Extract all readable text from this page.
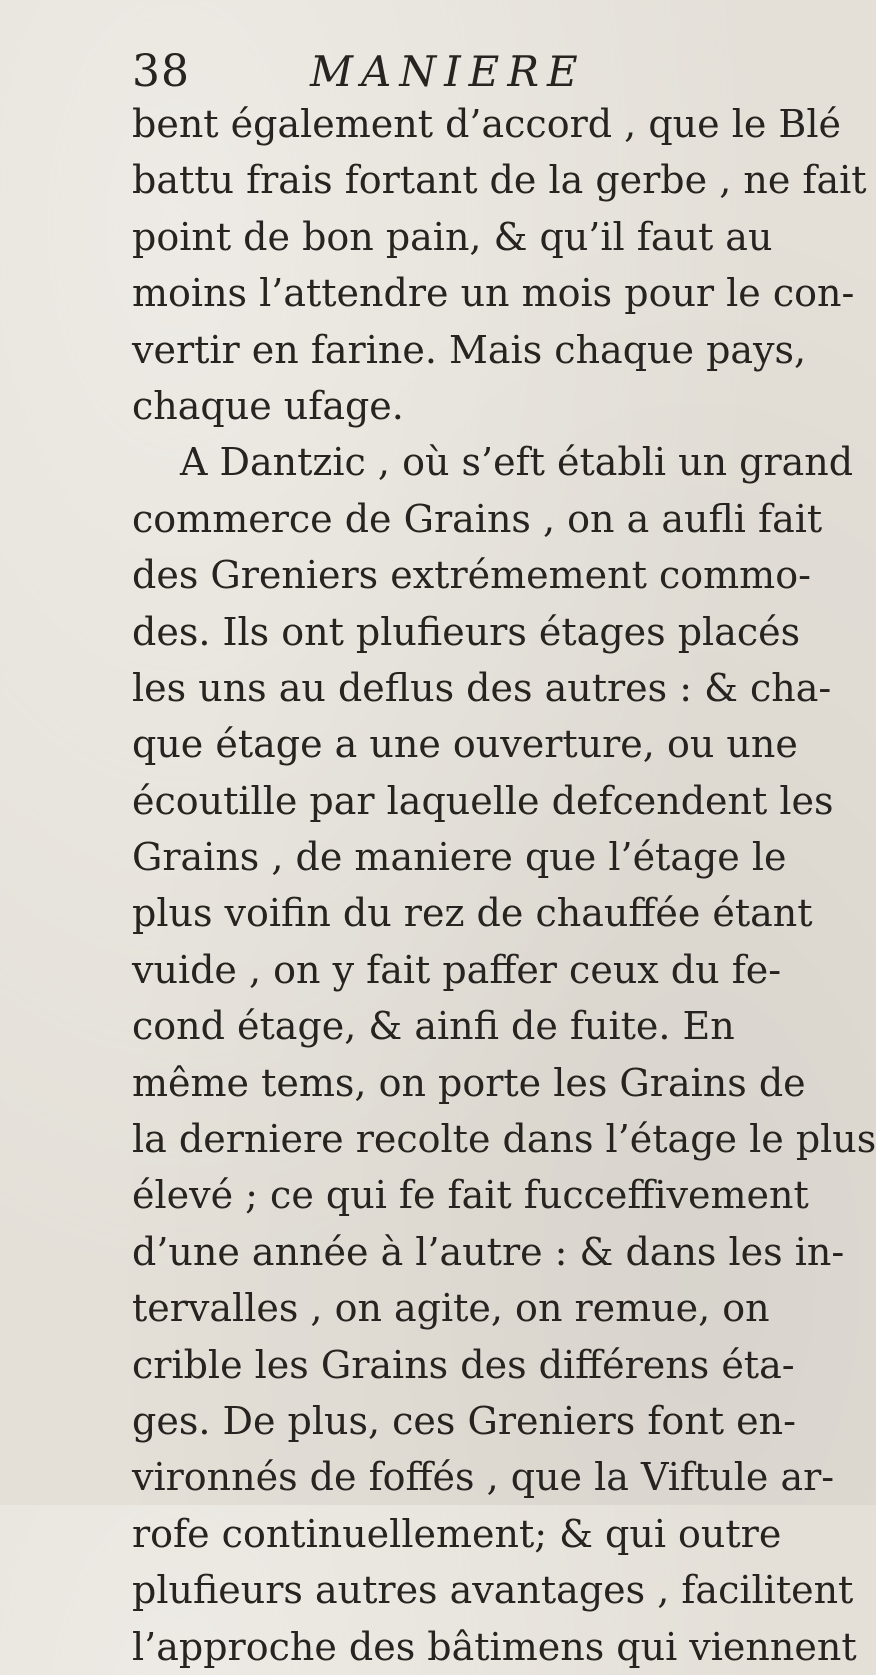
38	MANIERE
bent également d’accord , que le Blé
battu frais fortant de la gerbe , ne fait
point de bon pain, & qu’il faut au
moins l’attendre un mois pour le con-
vertir en farine. Mais chaque pays,
chaque ufage.
A Dantzic , où s’eft établi un grand
commerce de Grains , on a aufli fait
des Greniers extrémement commo-
des. Ils ont plufieurs étages placés
les uns au deflus des autres : & cha-
que étage a une ouverture, ou une
écoutille par laquelle defcendent les
Grains , de maniere que l’étage le
plus voifin du rez de chauffée étant
vuide , on y fait paffer ceux du fe-
cond étage, & ainfi de fuite. En
même tems, on porte les Grains de
la derniere recolte dans l’étage le plus
élevé ; ce qui fe fait fucceffivement
d’une année à l’autre : & dans les in-
tervalles , on agite, on remue, on
crible les Grains des différens éta-
ges. De plus, ces Greniers font en-
vironnés de foffés , que la Viftule ar-
rofe continuellement; & qui outre
plufieurs autres avantages , facilitent
l’approche des bâtimens qui viennent
